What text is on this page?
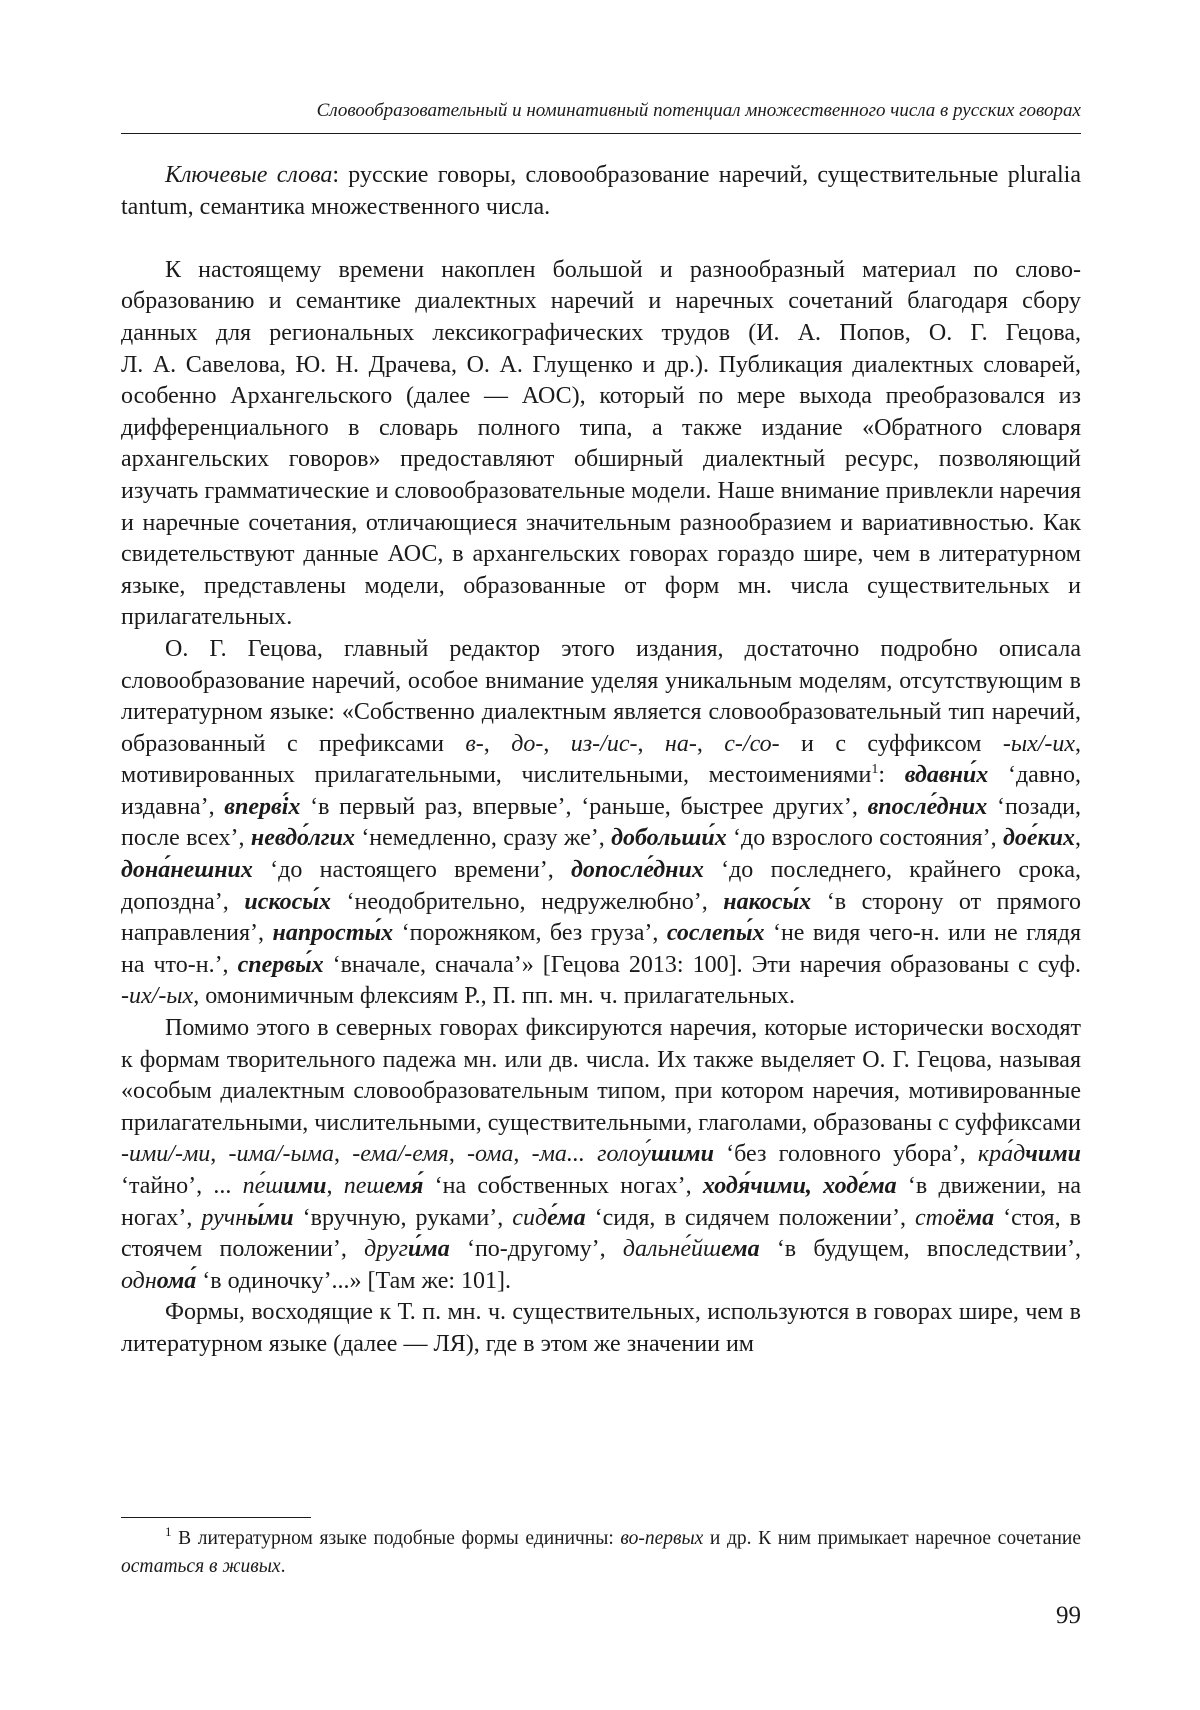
Словообразовательный и номинативный потенциал множественного числа в русских говорах

Ключевые слова: русские говоры, словообразование наречий, существительные pluralia tantum, семантика множественного числа.

К настоящему времени накоплен большой и разнообразный материал по словообразованию и семантике диалектных наречий и наречных сочетаний благодаря сбору данных для региональных лексикографических трудов (И. А. Попов, О. Г. Гецова, Л. А. Савелова, Ю. Н. Драчева, О. А. Глущенко и др.). Публикация диалектных словарей, особенно Архангельского (далее — АОС), который по мере выхода преобразовался из дифференциального в словарь полного типа, а также издание «Обратного словаря архангельских говоров» предоставляют обширный диалектный ресурс, позволяющий изучать грамматические и словообразовательные модели. Наше внимание привлекли наречия и наречные сочетания, отличающиеся значительным разнообразием и вариативностью. Как свидетельствуют данные АОС, в архангельских говорах гораздо шире, чем в литературном языке, представлены модели, образованные от форм мн. числа существительных и прилагательных.

О. Г. Гецова, главный редактор этого издания, достаточно подробно описала словообразование наречий, особое внимание уделяя уникальным моделям, отсутствующим в литературном языке: «Собственно диалектным является словообразовательный тип наречий, образованный с префиксами в-, до-, из-/ис-, на-, с-/со- и с суффиксом -ых/-их, мотивированных прилагательными, числительными, местоимениями$^1$: вдавни́х ‘давно, издавна’, вперві́х ‘в первый раз, впервые’, ‘раньше, быстрее других’, впосле́дних ‘позади, после всех’, невдо́лгих ‘немедленно, сразу же’, добольши́х ‘до взрослого состояния’, дое́ких, дона́нешних ‘до настоящего времени’, допосле́дних ‘до последнего, крайнего срока, допоздна’, искосы́х ‘неодобрительно, недружелюбно’, накосы́х ‘в сторону от прямого направления’, напросты́х ‘порожняком, без груза’, сослепы́х ‘не видя чего-н. или не глядя на что-н.’, спервы́х ‘вначале, сначала’» [Гецова 2013: 100]. Эти наречия образованы с суф. -их/-ых, омонимичным флексиям Р., П. пп. мн. ч. прилагательных.

Помимо этого в северных говорах фиксируются наречия, которые исторически восходят к формам творительного падежа мн. или дв. числа. Их также выделяет О. Г. Гецова, называя «особым диалектным словообразовательным типом, при котором наречия, мотивированные прилагательными, числительными, существительными, глаголами, образованы с суффиксами -ими/-ми, -има/-ыма, -ема/-емя, -ома, -ма... голоу́шими ‘без головного убора’, кра́дчими ‘тайно’, ... пе́шими, пешемя́ ‘на собственных ногах’, ходя́чими, ходе́ма ‘в движении, на ногах’, ручны́ми ‘вручную, руками’, сиде́ма ‘сидя, в сидячем положении’, стоёма ‘стоя, в стоячем положении’, други́ма ‘по-другому’, дальне́йшема ‘в будущем, впоследствии’, однома́ ‘в одиночку’...» [Там же: 101].

Формы, восходящие к Т. п. мн. ч. существительных, используются в говорах шире, чем в литературном языке (далее — ЛЯ), где в этом же значении им

$^1$ В литературном языке подобные формы единичны: во-первых и др. К ним примыкает наречное сочетание остаться в живых.
99
